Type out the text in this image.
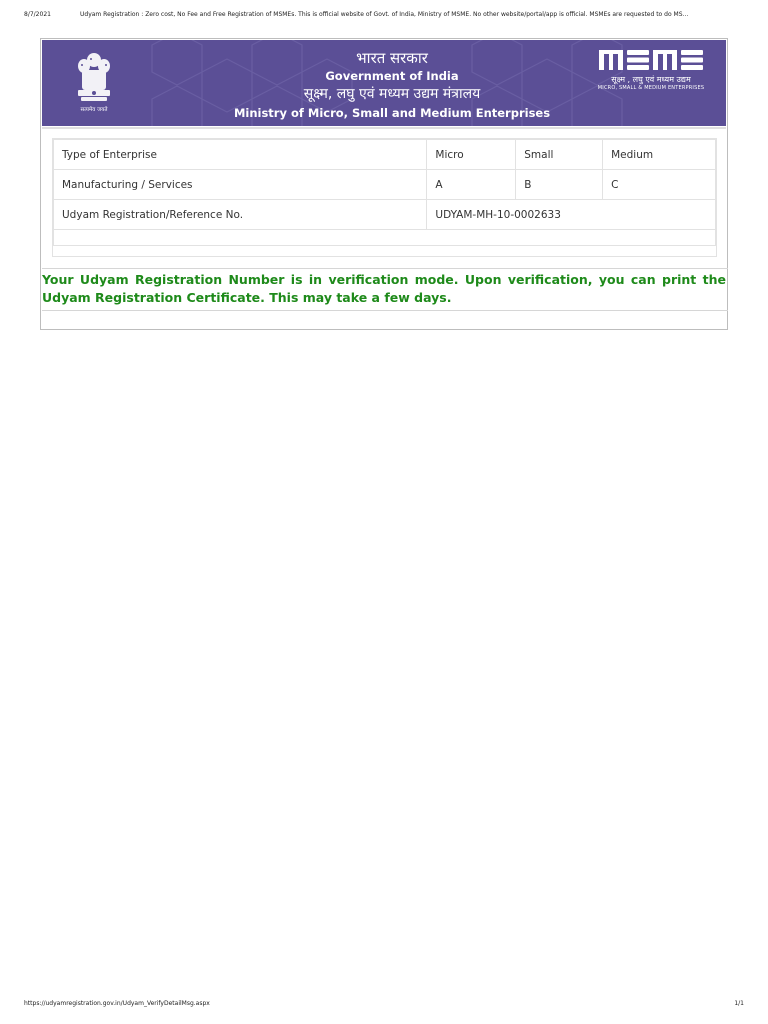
8/7/2021	Udyam Registration : Zero cost, No Fee and Free Registration of MSMEs. This is official website of Govt. of India, Ministry of MSME. No other website/portal/app is official. MSMEs are requested to do MS...
सत्यमेव जयते
भारत सरकार
Government of India
सूक्ष्म, लघु एवं मध्यम उद्यम मंत्रालय
Ministry of Micro, Small and Medium Enterprises
सूक्ष्म , लघु एवं मध्यम उद्यम
MICRO, SMALL & MEDIUM ENTERPRISES
Type of Enterprise	Micro	Small	Medium
Manufacturing / Services	A	B	C
Udyam Registration/Reference No.	UDYAM-MH-10-0002633		

Your Udyam Registration Number is in verification mode. Upon verification, you can print the Udyam Registration Certificate. This may take a few days.
https://udyamregistration.gov.in/Udyam_VerifyDetailMsg.aspx	1/1
